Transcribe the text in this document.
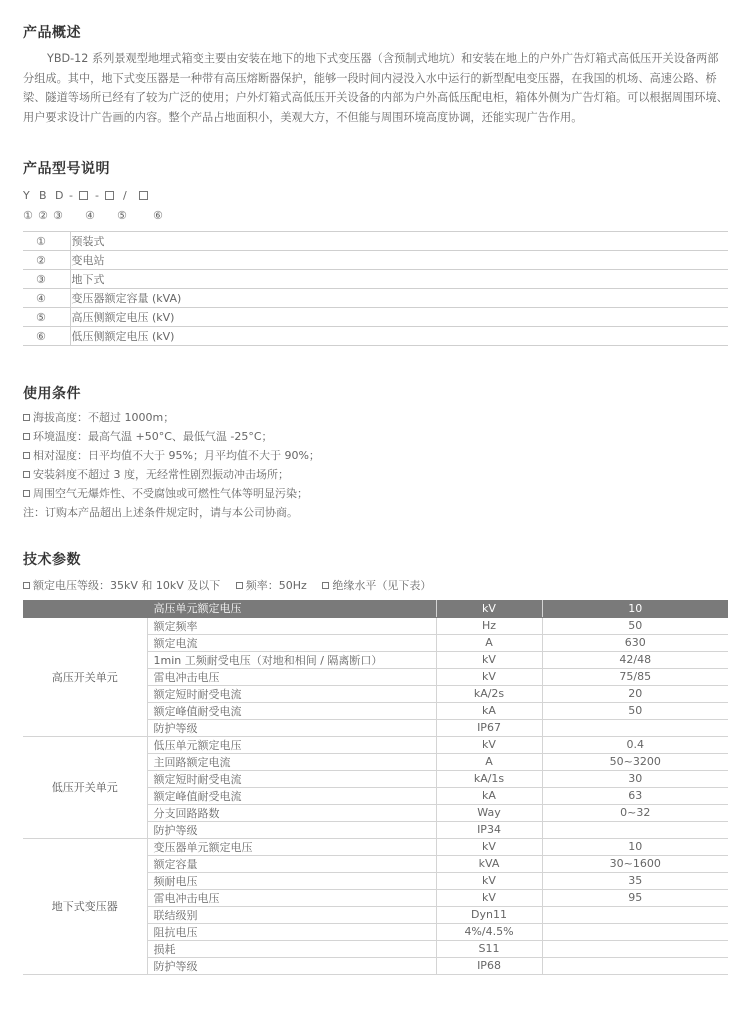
产品概述
YBD-12 系列景观型地埋式箱变主要由安装在地下的地下式变压器（含预制式地坑）和安装在地上的户外广告灯箱式高低压开关设备两部分组成。其中，地下式变压器是一种带有高压熔断器保护，能够一段时间内浸没入水中运行的新型配电变压器，在我国的机场、高速公路、桥梁、隧道等场所已经有了较为广泛的使用；户外灯箱式高低压开关设备的内部为户外高低压配电柜，箱体外侧为广告灯箱。可以根据周围环境、用户要求设计广告画的内容。整个产品占地面积小，美观大方，不但能与周围环境高度协调，还能实现广告作用。
产品型号说明
Y B D - - /
① ② ③ ④ ⑤ ⑥
①		预装式
②		变电站
③		地下式
④		变压器额定容量 (kVA)
⑤		高压侧额定电压 (kV)
⑥		低压侧额定电压 (kV)
使用条件
海拔高度：不超过 1000m；
环境温度：最高气温 +50°C、最低气温 -25°C；
相对湿度：日平均值不大于 95%；月平均值不大于 90%；
安装斜度不超过 3 度，无经常性剧烈振动冲击场所；
周围空气无爆炸性、不受腐蚀或可燃性气体等明显污染；
注：订购本产品超出上述条件规定时，请与本公司协商。
技术参数
额定电压等级：35kV 和 10kV 及以下 频率：50Hz 绝缘水平（见下表）
	高压单元额定电压	kV	10
高压开关单元	额定频率	Hz	50
	额定电流	A	630
	1min 工频耐受电压（对地和相间 / 隔离断口）	kV	42/48
	雷电冲击电压	kV	75/85
	额定短时耐受电流	kA/2s	20
	额定峰值耐受电流	kA	50
	防护等级	IP67	
低压开关单元	低压单元额定电压	kV	0.4
	主回路额定电流	A	50~3200
	额定短时耐受电流	kA/1s	30
	额定峰值耐受电流	kA	63
	分支回路路数	Way	0~32
	防护等级	IP34	
地下式变压器	变压器单元额定电压	kV	10
	额定容量	kVA	30~1600
	频耐电压	kV	35
	雷电冲击电压	kV	95
	联结级别	Dyn11	
	阻抗电压	4%/4.5%	
	损耗	S11	
	防护等级	IP68	
